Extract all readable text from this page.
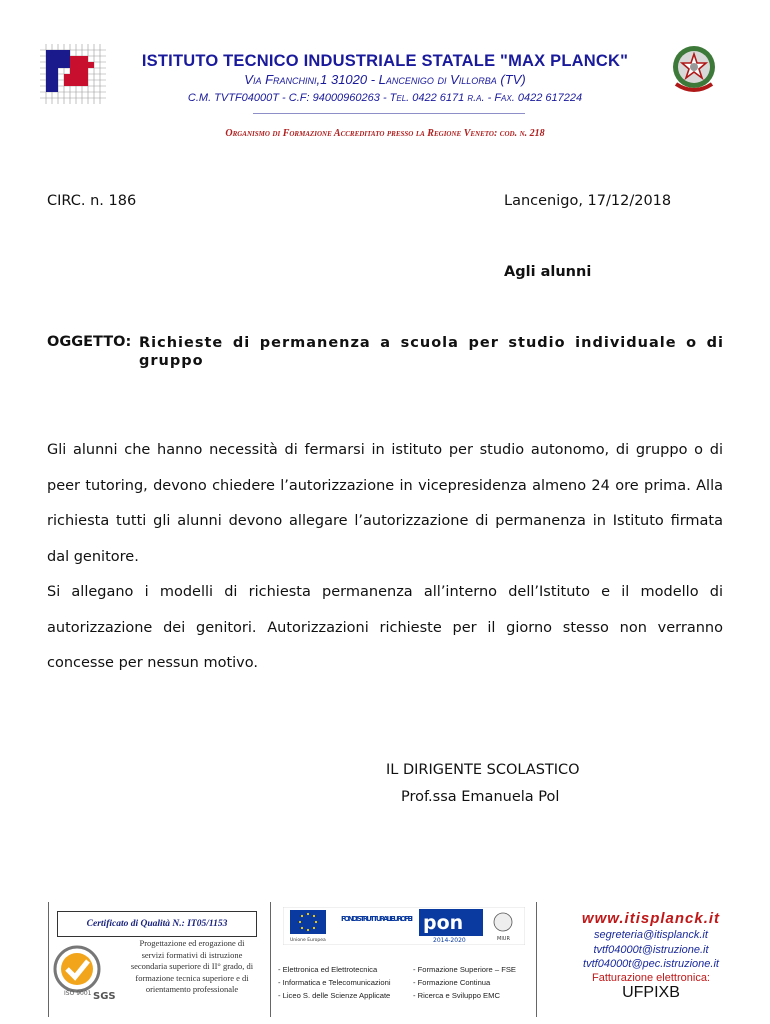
ISTITUTO TECNICO INDUSTRIALE STATALE "MAX PLANCK"
Via Franchini,1 31020 - Lancenigo di Villorba (TV)
C.M. TVTF04000T - C.F: 94000960263 - Tel. 0422 6171 r.a. - Fax. 0422 617224
Organismo di Formazione Accreditato presso la Regione Veneto: cod. n. 218
CIRC. n. 186	Lancenigo, 17/12/2018
Agli alunni
OGGETTO: Richieste di permanenza a scuola per studio individuale o di gruppo
Gli alunni che hanno necessità di fermarsi in istituto per studio autonomo, di gruppo o di peer tutoring, devono chiedere l’autorizzazione in vicepresidenza almeno 24 ore prima. Alla richiesta tutti gli alunni devono allegare l’autorizzazione di permanenza in Istituto firmata dal genitore.
Si allegano i modelli di richiesta permanenza all’interno dell’Istituto e il modello di autorizzazione dei genitori. Autorizzazioni richieste per il giorno stesso non verranno concesse per nessun motivo.
IL DIRIGENTE SCOLASTICO
Prof.ssa Emanuela Pol
Certificato di Qualità N.: IT05/1153
ISO 9001 SGS
Progettazione ed erogazione di servizi formativi di istruzione secondaria superiore di II° grado, di formazione tecnica superiore e di orientamento professionale
Unione Europea
FONDI STRUTTURALI EUROPEI pon
2014-2020	MIUR
- Elettronica ed Elettrotecnica
- Informatica e Telecomunicazioni
- Liceo S. delle Scienze Applicate
- Formazione Superiore – FSE
- Formazione Continua
- Ricerca e Sviluppo EMC
www.itisplanck.it
segreteria@itisplanck.it
tvtf04000t@istruzione.it
tvtf04000t@pec.istruzione.it
Fatturazione elettronica:
UFPIXB
